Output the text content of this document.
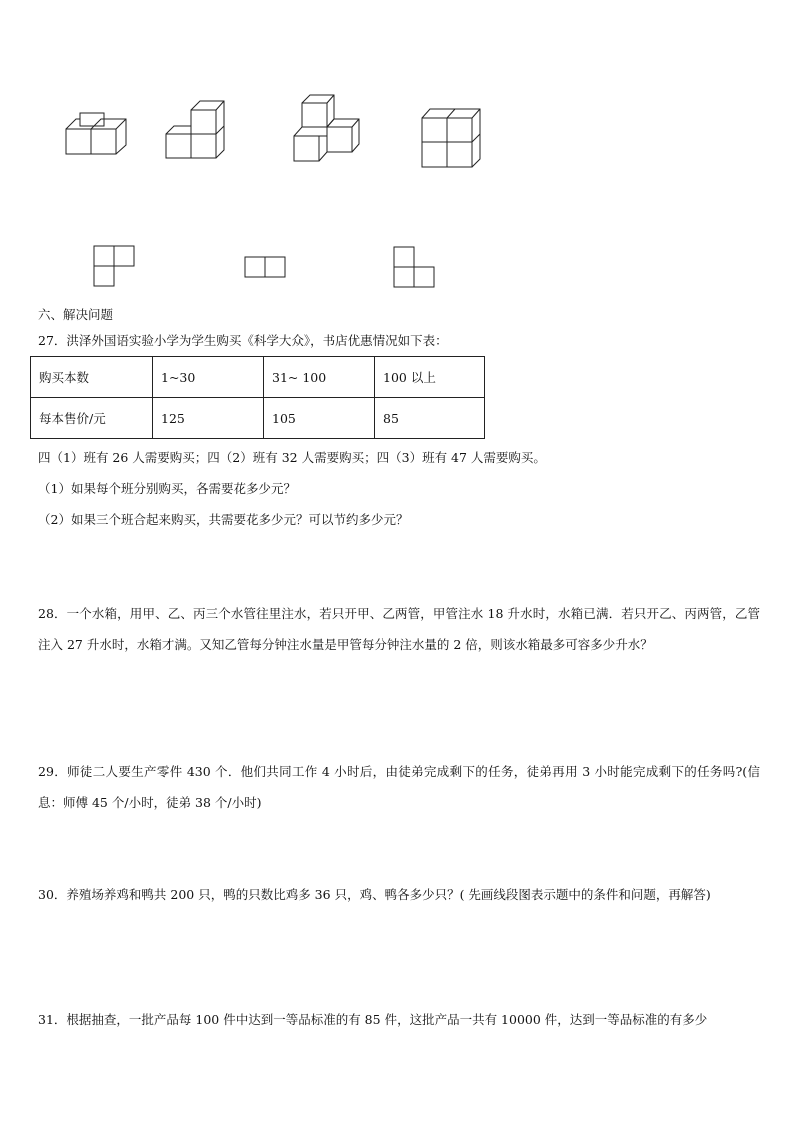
六、解决问题
27．洪泽外国语实验小学为学生购买《科学大众》，书店优惠情况如下表：
购买本数	1~30	31~ 100	100 以上
每本售价/元	125	105	85
四（1）班有 26 人需要购买；四（2）班有 32 人需要购买；四（3）班有 47 人需要购买。
（1）如果每个班分别购买，各需要花多少元？
（2）如果三个班合起来购买，共需要花多少元？可以节约多少元？
28．一个水箱，用甲、乙、丙三个水管往里注水，若只开甲、乙两管，甲管注水 18 升水时，水箱已满．若只开乙、丙两管，乙管注入 27 升水时，水箱才满。又知乙管每分钟注水量是甲管每分钟注水量的 2 倍，则该水箱最多可容多少升水？
29．师徒二人要生产零件 430 个．他们共同工作 4 小时后，由徒弟完成剩下的任务，徒弟再用 3 小时能完成剩下的任务吗?(信息：师傅 45 个/小时，徒弟 38 个/小时)
30．养殖场养鸡和鸭共 200 只，鸭的只数比鸡多 36 只，鸡、鸭各多少只？( 先画线段图表示题中的条件和问题，再解答)
31．根据抽查，一批产品每 100 件中达到一等品标准的有 85 件，这批产品一共有 10000 件，达到一等品标准的有多少
